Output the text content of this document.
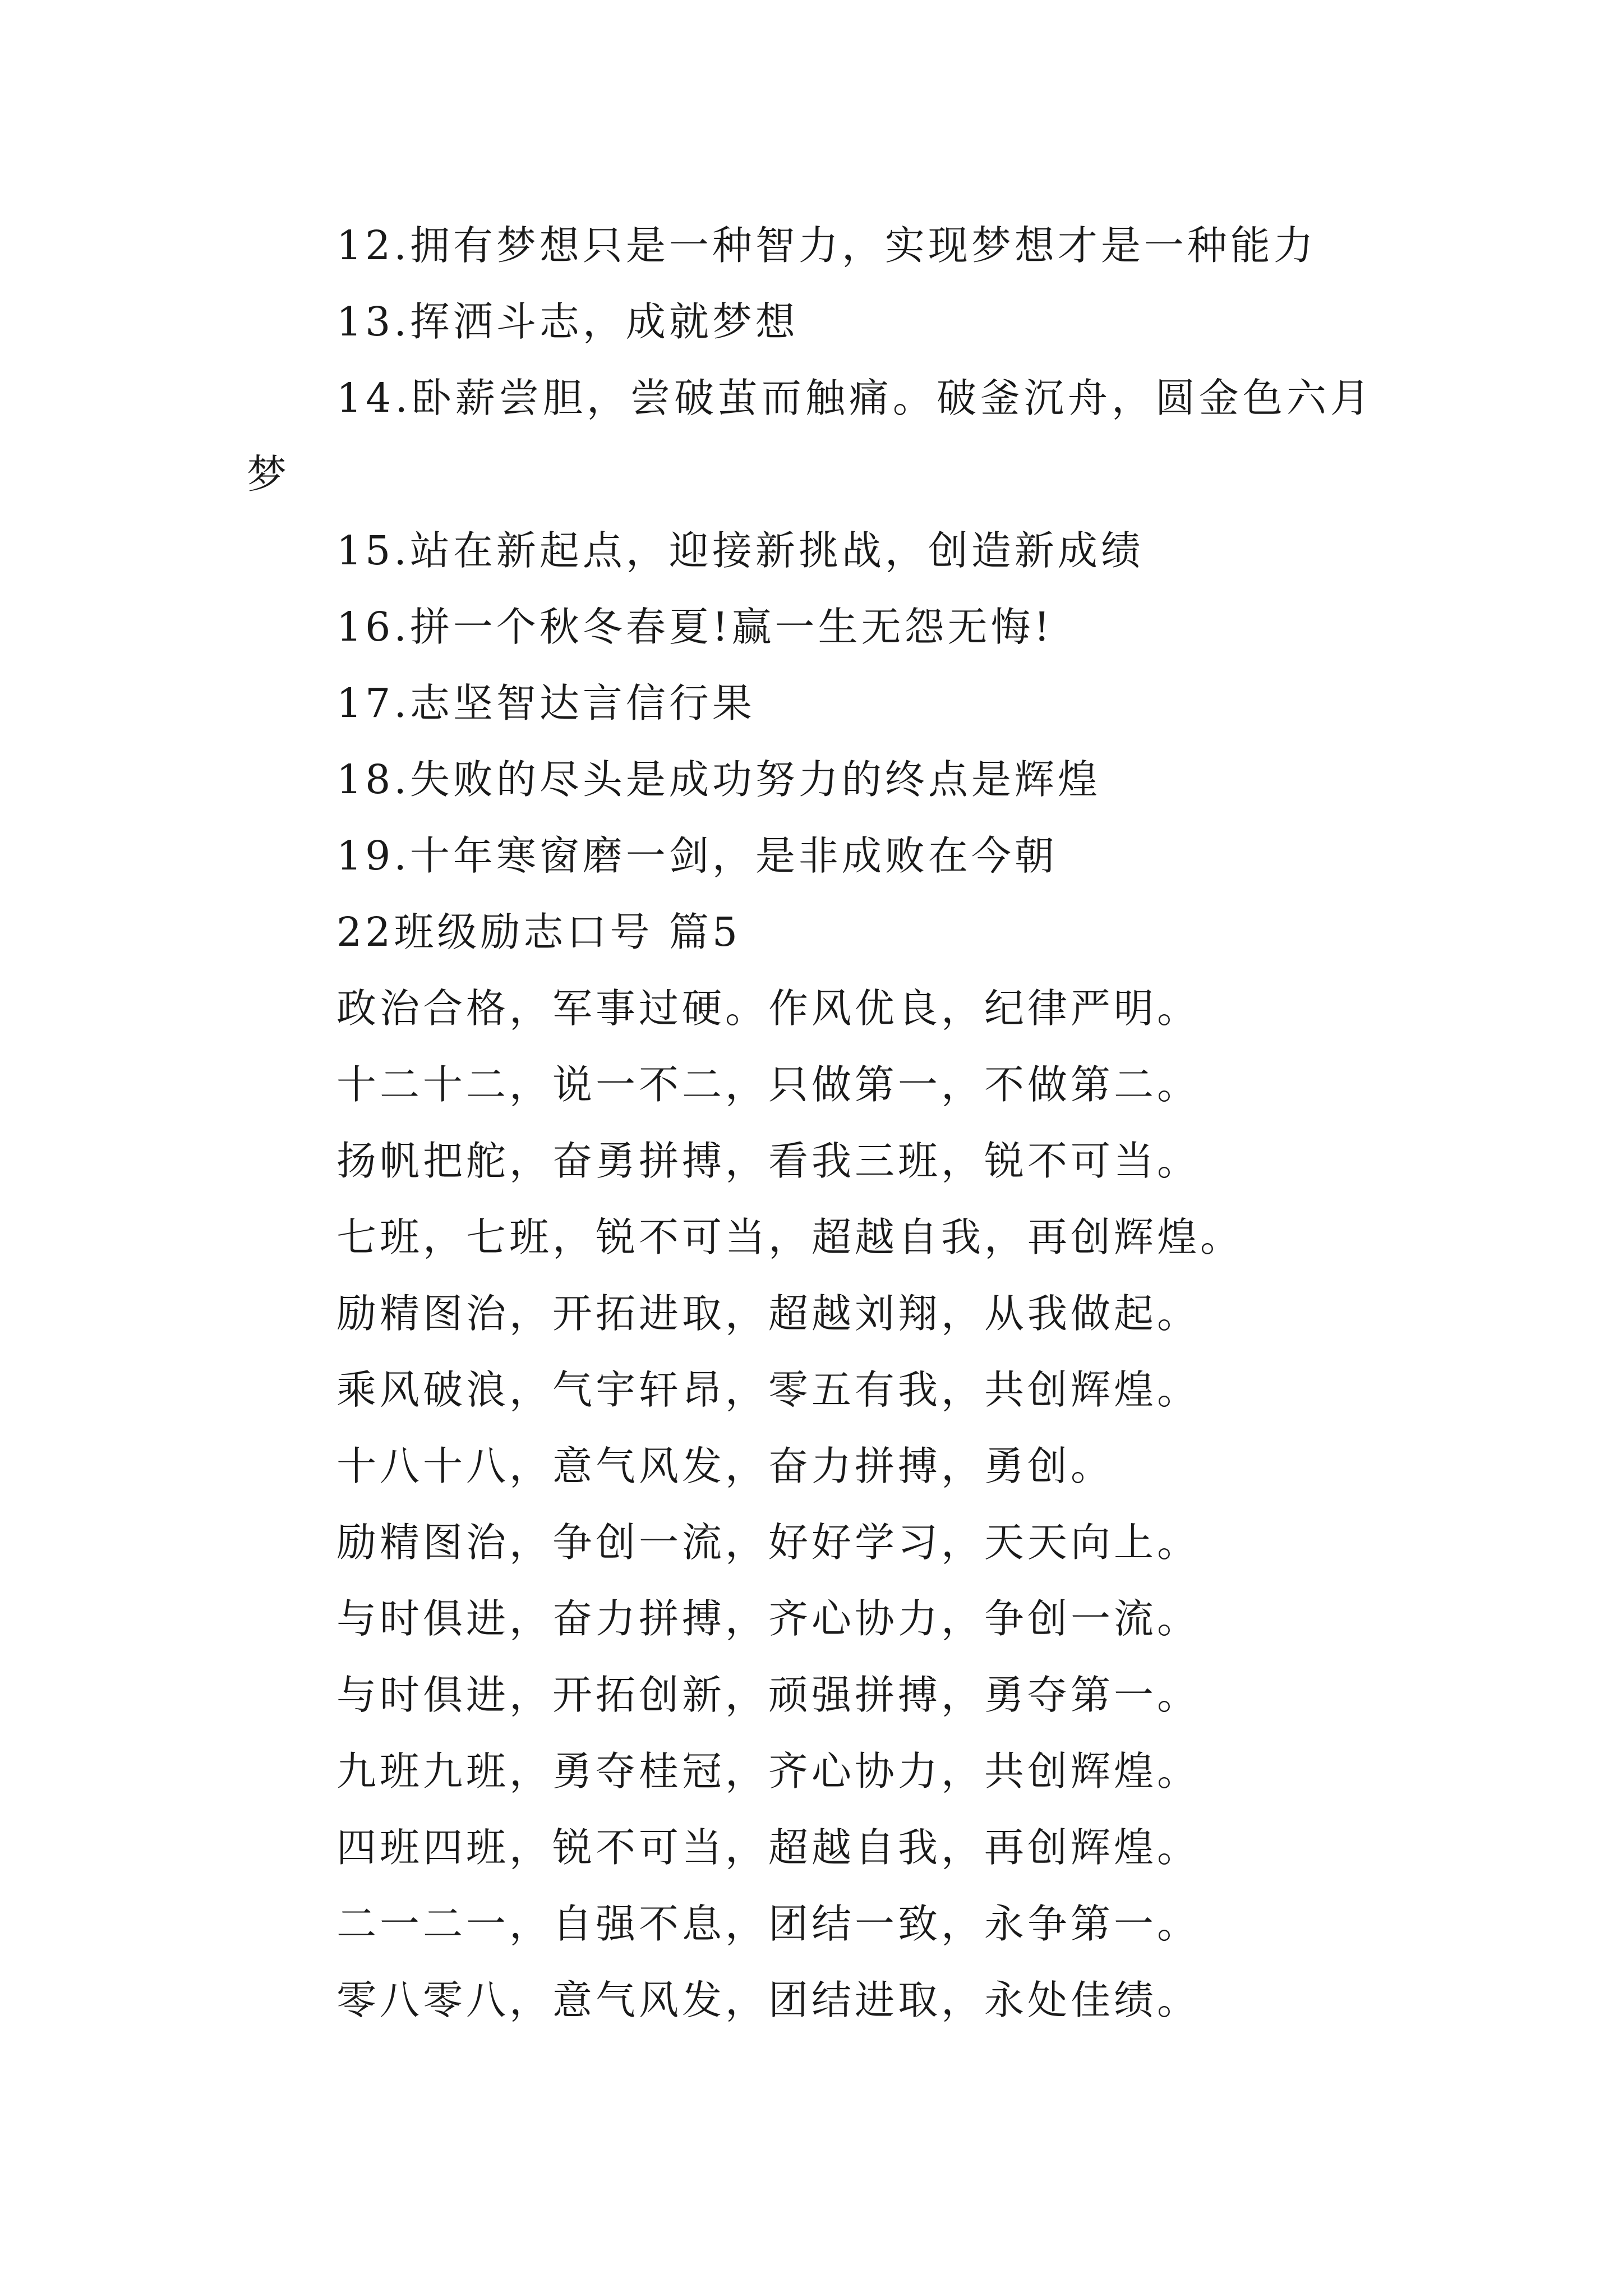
12.拥有梦想只是一种智力，实现梦想才是一种能力
13.挥洒斗志，成就梦想
14.卧薪尝胆，尝破茧而触痛。破釜沉舟，圆金色六月
梦
15.站在新起点，迎接新挑战，创造新成绩
16.拼一个秋冬春夏!赢一生无怨无悔!
17.志坚智达言信行果
18.失败的尽头是成功努力的终点是辉煌
19.十年寒窗磨一剑，是非成败在今朝
22班级励志口号 篇5
政治合格，军事过硬。作风优良，纪律严明。
十二十二，说一不二，只做第一，不做第二。
扬帆把舵，奋勇拼搏，看我三班，锐不可当。
七班，七班，锐不可当，超越自我，再创辉煌。
励精图治，开拓进取，超越刘翔，从我做起。
乘风破浪，气宇轩昂，零五有我，共创辉煌。
十八十八，意气风发，奋力拼搏，勇创。
励精图治，争创一流，好好学习，天天向上。
与时俱进，奋力拼搏，齐心协力，争创一流。
与时俱进，开拓创新，顽强拼搏，勇夺第一。
九班九班，勇夺桂冠，齐心协力，共创辉煌。
四班四班，锐不可当，超越自我，再创辉煌。
二一二一，自强不息，团结一致，永争第一。
零八零八，意气风发，团结进取，永处佳绩。
